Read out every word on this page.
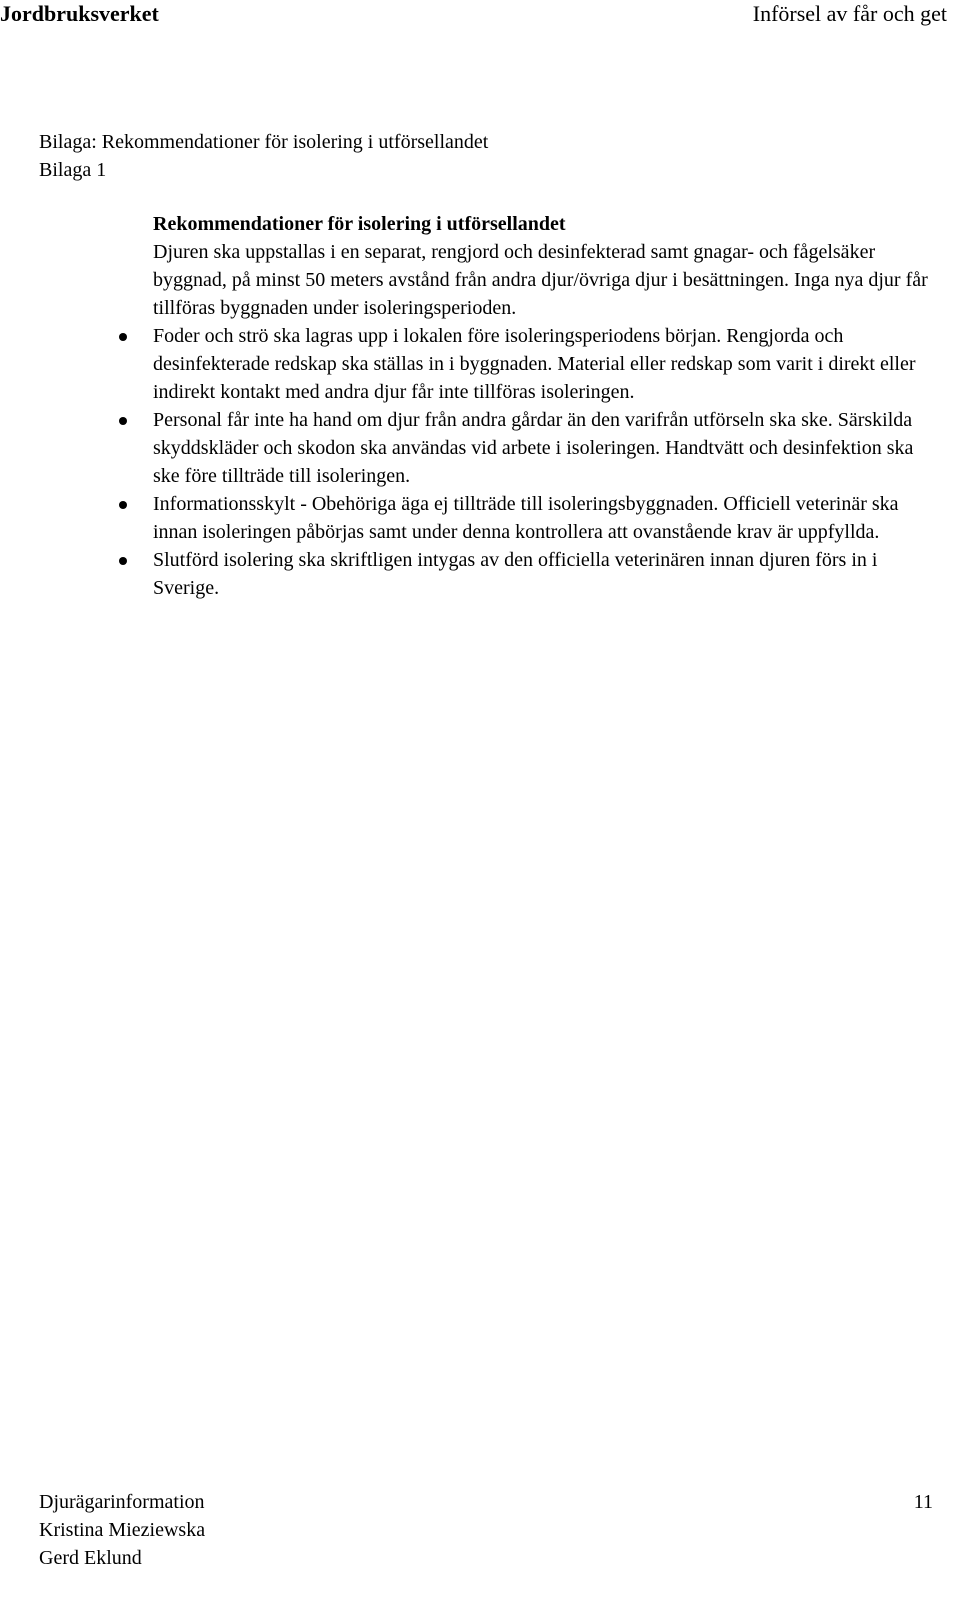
Jordbruksverket	Införsel av får och get
Bilaga: Rekommendationer för isolering i utförsellandet
Bilaga 1
Rekommendationer för isolering i utförsellandet

Djuren ska uppstallas i en separat, rengjord och desinfekterad samt gnagar- och fågelsäker byggnad, på minst 50 meters avstånd från andra djur/övriga djur i besättningen. Inga nya djur får tillföras byggnaden under isoleringsperioden.

Foder och strö ska lagras upp i lokalen före isoleringsperiodens början. Rengjorda och desinfekterade redskap ska ställas in i byggnaden. Material eller redskap som varit i direkt eller indirekt kontakt med andra djur får inte tillföras isoleringen.
Personal får inte ha hand om djur från andra gårdar än den varifrån utförseln ska ske. Särskilda skyddskläder och skodon ska användas vid arbete i isoleringen. Handtvätt och desinfektion ska ske före tillträde till isoleringen.
Informationsskylt - Obehöriga äga ej tillträde till isoleringsbyggnaden. Officiell veterinär ska innan isoleringen påbörjas samt under denna kontrollera att ovanstående krav är uppfyllda.
Slutförd isolering ska skriftligen intygas av den officiella veterinären innan djuren förs in i Sverige.
Djurägarinformation
Kristina Mieziewska
Gerd Eklund
11
